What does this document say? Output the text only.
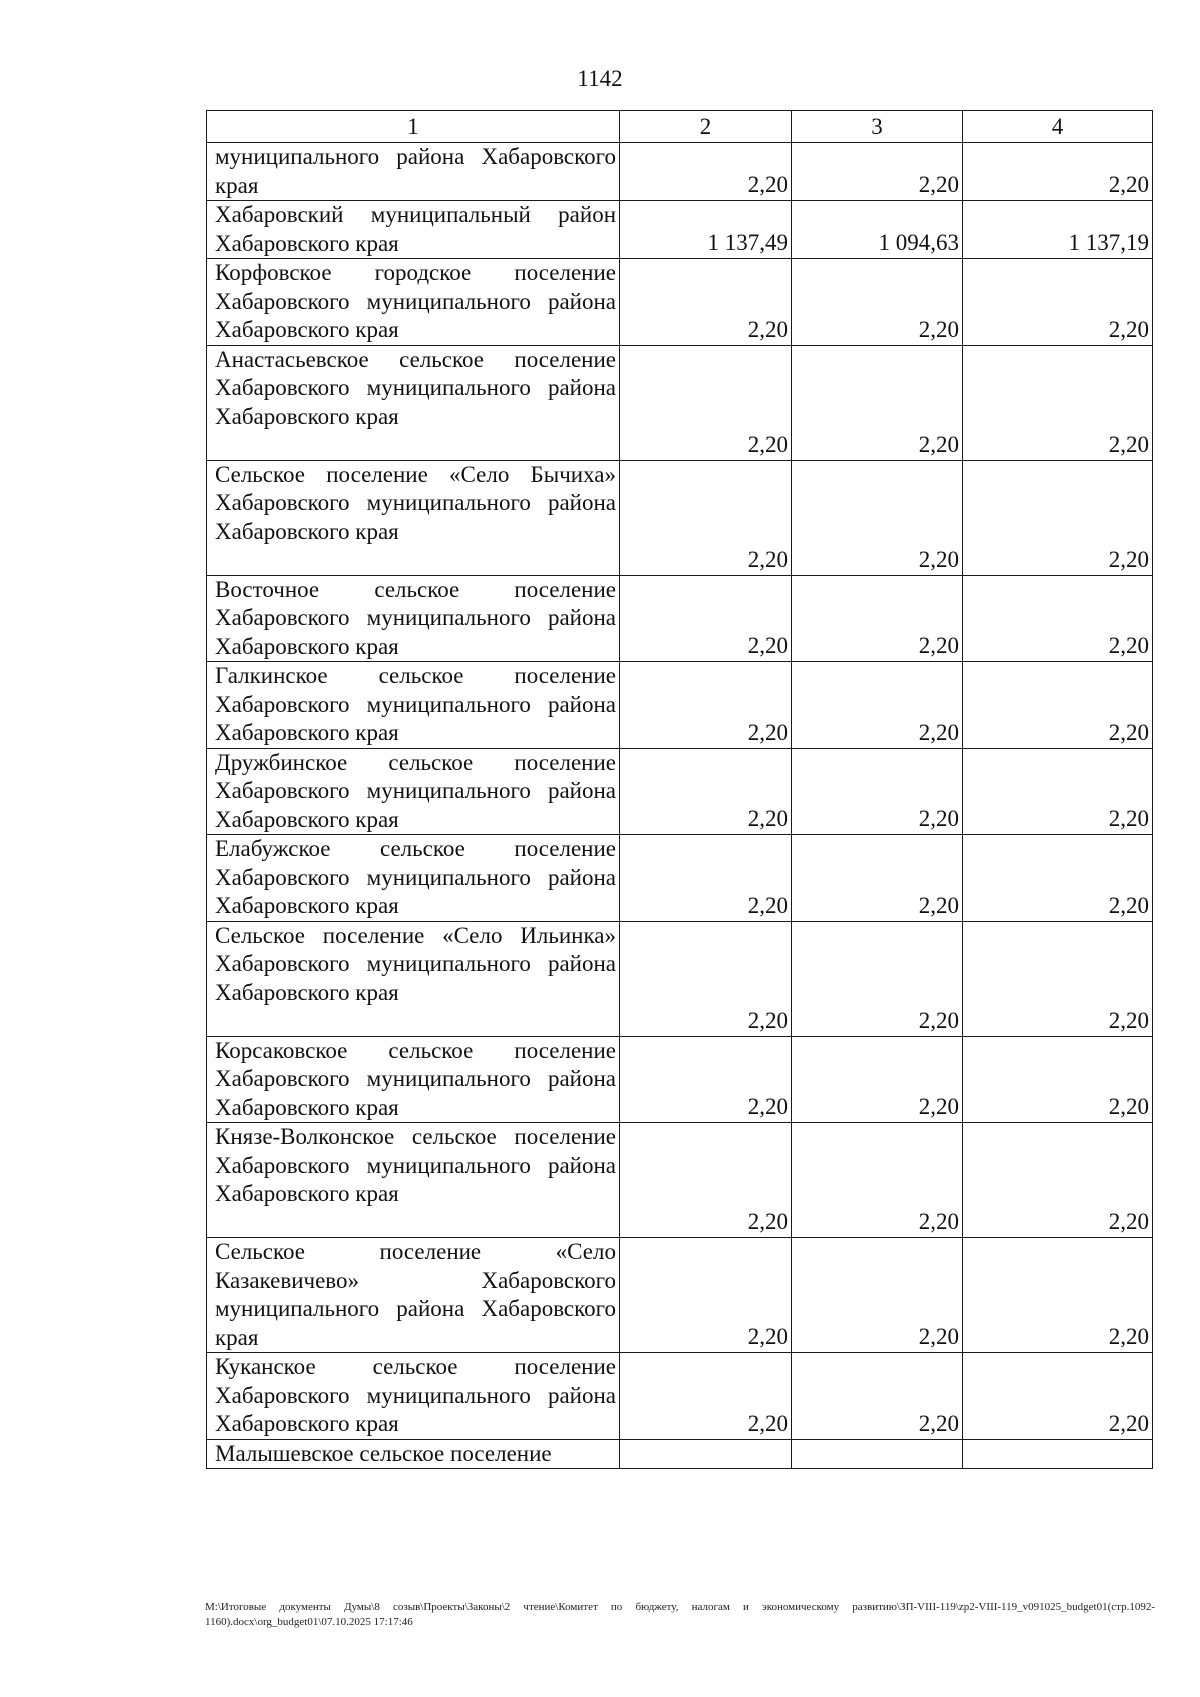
1142
1	2	3	4
муниципального района Хабаровского края	2,20	2,20	2,20
Хабаровский муниципальный район Хабаровского края	1 137,49	1 094,63	1 137,19
Корфовское городское поселение Хабаровского муниципального района Хабаровского края	2,20	2,20	2,20
Анастасьевское сельское поселение Хабаровского муниципального района Хабаровского края	2,20	2,20	2,20
Сельское поселение «Село Бычиха» Хабаровского муниципального района Хабаровского края	2,20	2,20	2,20
Восточное сельское поселение Хабаровского муниципального района Хабаровского края	2,20	2,20	2,20
Галкинское сельское поселение Хабаровского муниципального района Хабаровского края	2,20	2,20	2,20
Дружбинское сельское поселение Хабаровского муниципального района Хабаровского края	2,20	2,20	2,20
Елабужское сельское поселение Хабаровского муниципального района Хабаровского края	2,20	2,20	2,20
Сельское поселение «Село Ильинка» Хабаровского муниципального района Хабаровского края	2,20	2,20	2,20
Корсаковское сельское поселение Хабаровского муниципального района Хабаровского края	2,20	2,20	2,20
Князе-Волконское сельское поселение Хабаровского муниципального района Хабаровского края	2,20	2,20	2,20
Сельское поселение «Село Казакевичево» Хабаровского муниципального района Хабаровского края	2,20	2,20	2,20
Куканское сельское поселение Хабаровского муниципального района Хабаровского края	2,20	2,20	2,20
Малышевское сельское поселение			
М:\Итоговые документы Думы\8 созыв\Проекты\Законы\2 чтение\Комитет по бюджету, налогам и экономическому развитию\ЗП-VIII-119\zp2-VIII-119_v091025_budget01(стр.1092-1160).docx\org_budget01\07.10.2025 17:17:46
